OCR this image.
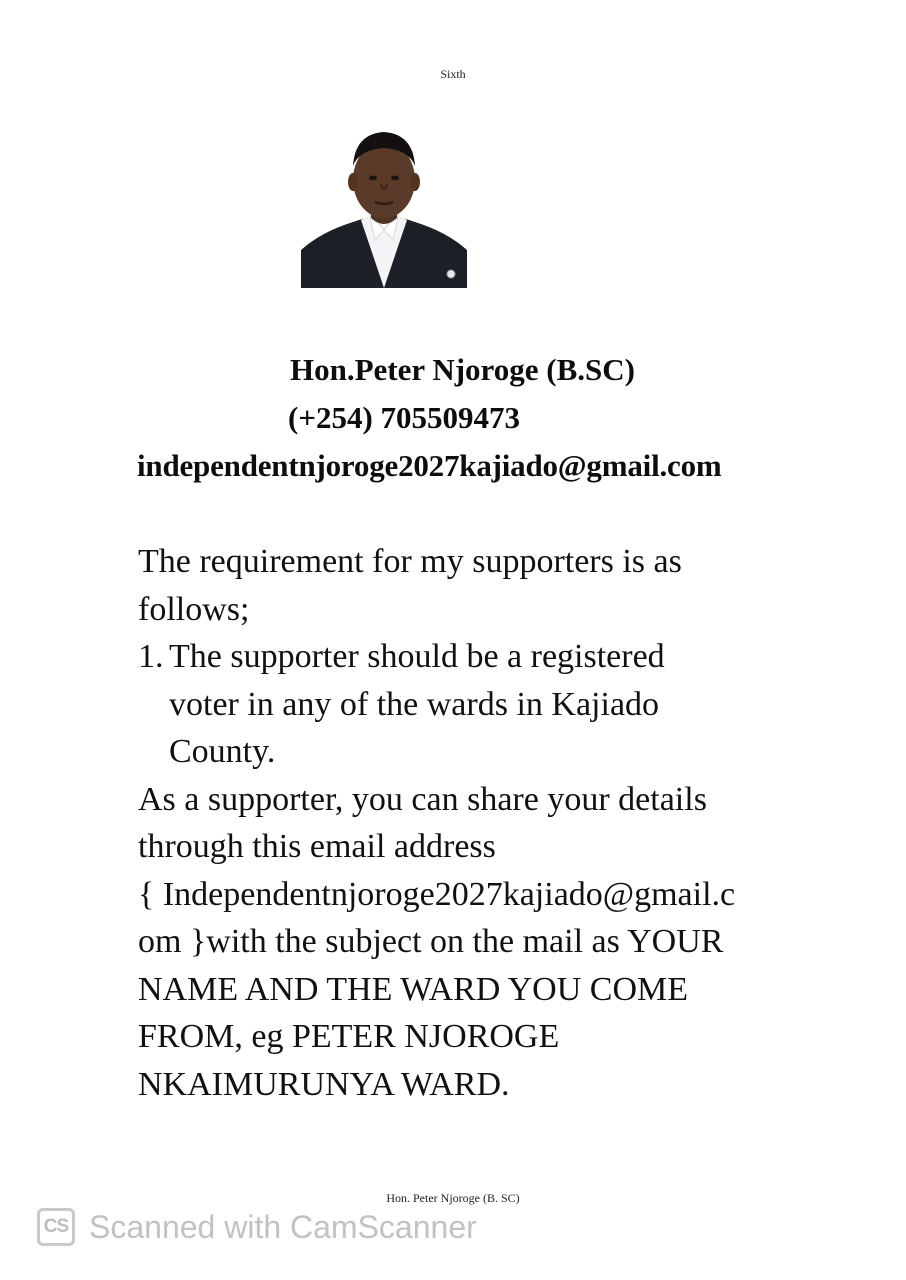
Sixth
Hon.Peter Njoroge (B.SC)
(+254) 705509473
independentnjoroge2027kajiado@gmail.com

The requirement for my supporters is as

follows;

1. The supporter should be a registered
voter in any of the wards in Kajiado
County.

As a supporter, you can share your details

through this email address

{ Independentnjoroge2027kajiado@gmail.c

om }with the subject on the mail as YOUR

NAME AND THE WARD YOU COME

FROM, eg PETER NJOROGE

NKAIMURUNYA WARD.

Hon. Peter Njoroge (B. SC)
CS Scanned with CamScanner
